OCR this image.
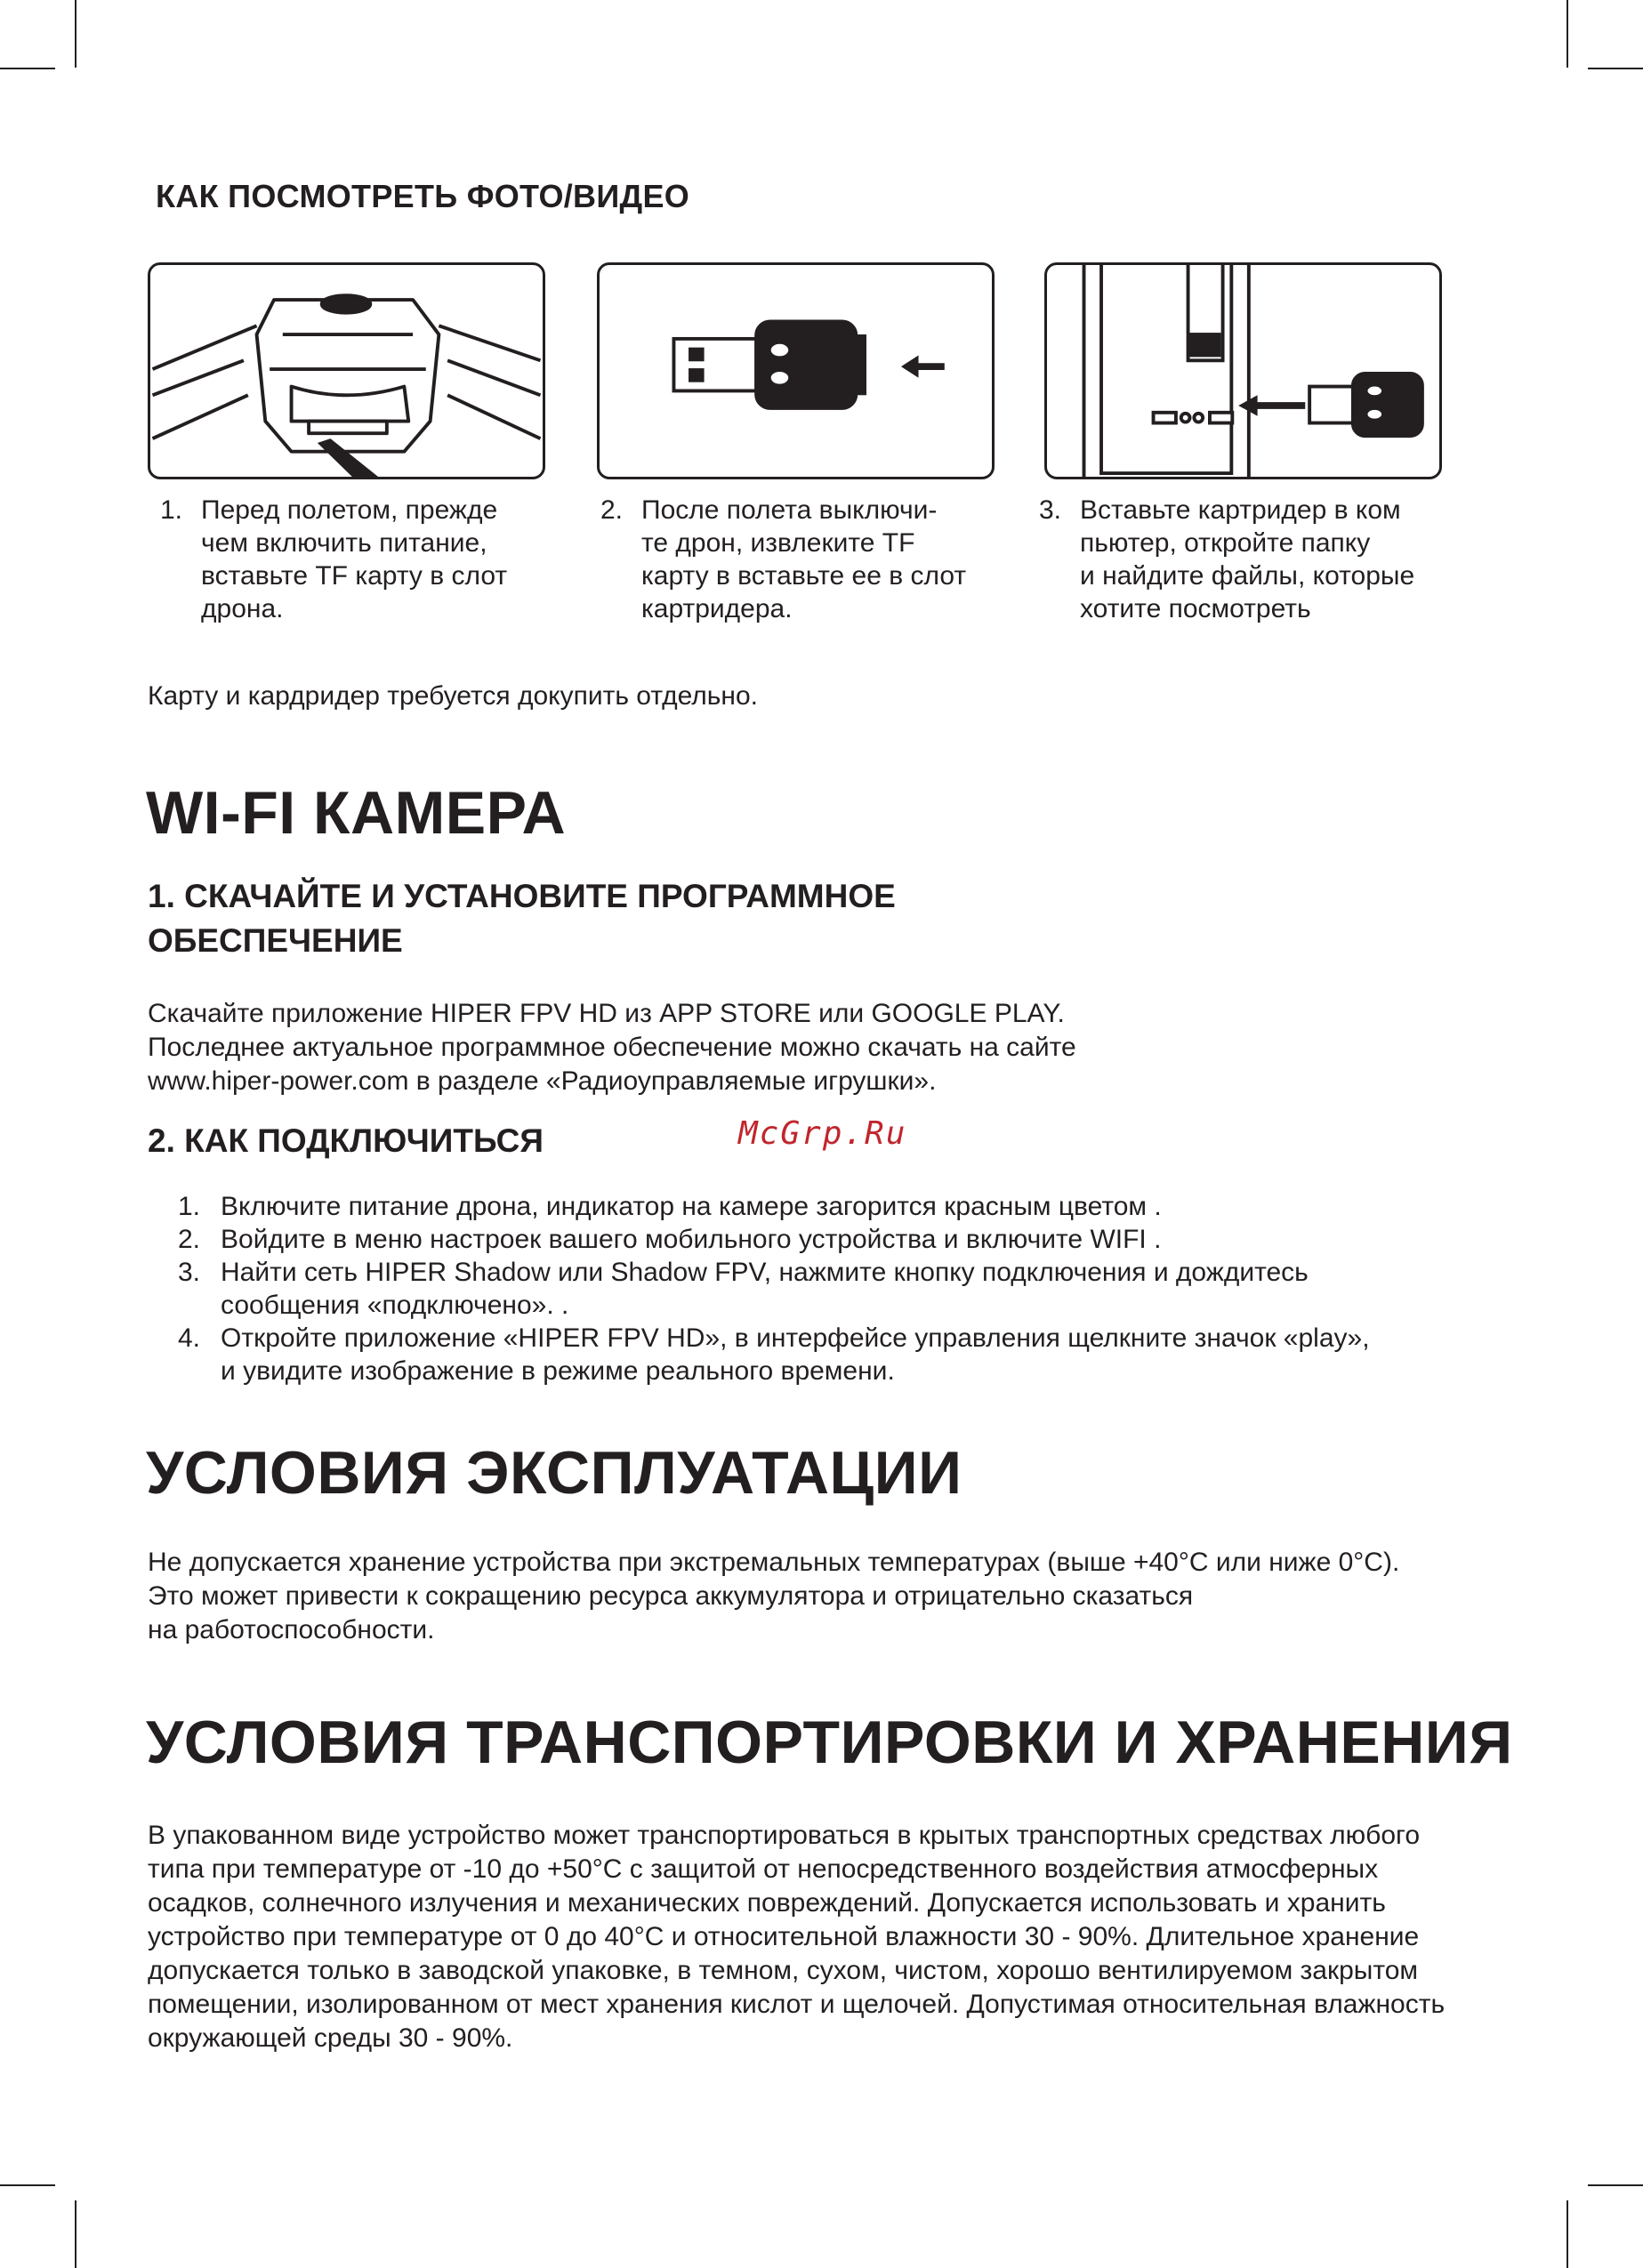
КАК ПОСМОТРЕТЬ ФОТО/ВИДЕО
1. Перед полетом, прежде
чем включить питание,
вставьте TF карту в слот
дрона.
2. После полета выключи-
те дрон, извлеките TF
карту в вставьте ее в слот
картридера.
3. Вставьте картридер в ком
пьютер, откройте папку
и найдите файлы, которые
хотите посмотреть
Карту и кардридер требуется докупить отдельно.
WI-FI КАМЕРА
1. СКАЧАЙТЕ И УСТАНОВИТЕ ПРОГРАММНОЕ
ОБЕСПЕЧЕНИЕ
Скачайте приложение HIPER FPV HD из APP STORE или GOOGLE PLAY.
Последнее актуальное программное обеспечение можно скачать на сайте
www.hiper-power.com в разделе «Радиоуправляемые игрушки».
2. КАК ПОДКЛЮЧИТЬСЯ	McGrp.Ru
1. Включите питание дрона, индикатор на камере загорится красным цветом .
2. Войдите в меню настроек вашего мобильного устройства и включите WIFI .
3. Найти сеть HIPER Shadow или Shadow FPV, нажмите кнопку подключения и дождитесь
сообщения «подключено». .
4. Откройте приложение «HIPER FPV HD», в интерфейсе управления щелкните значок «play»,
и увидите изображение в режиме реального времени.
УСЛОВИЯ ЭКСПЛУАТАЦИИ
Не допускается хранение устройства при экстремальных температурах (выше +40°С или ниже 0°С).
Это может привести к сокращению ресурса аккумулятора и отрицательно сказаться
на работоспособности.
УСЛОВИЯ ТРАНСПОРТИРОВКИ И ХРАНЕНИЯ
В упакованном виде устройство может транспортироваться в крытых транспортных средствах любого
типа при температуре от -10 до +50°С с защитой от непосредственного воздействия атмосферных
осадков, солнечного излучения и механических повреждений. Допускается использовать и хранить
устройство при температуре от 0 до 40°С и относительной влажности 30 - 90%. Длительное хранение
допускается только в заводской упаковке, в темном, сухом, чистом, хорошо вентилируемом закрытом
помещении, изолированном от мест хранения кислот и щелочей. Допустимая относительная влажность
окружающей среды 30 - 90%.
